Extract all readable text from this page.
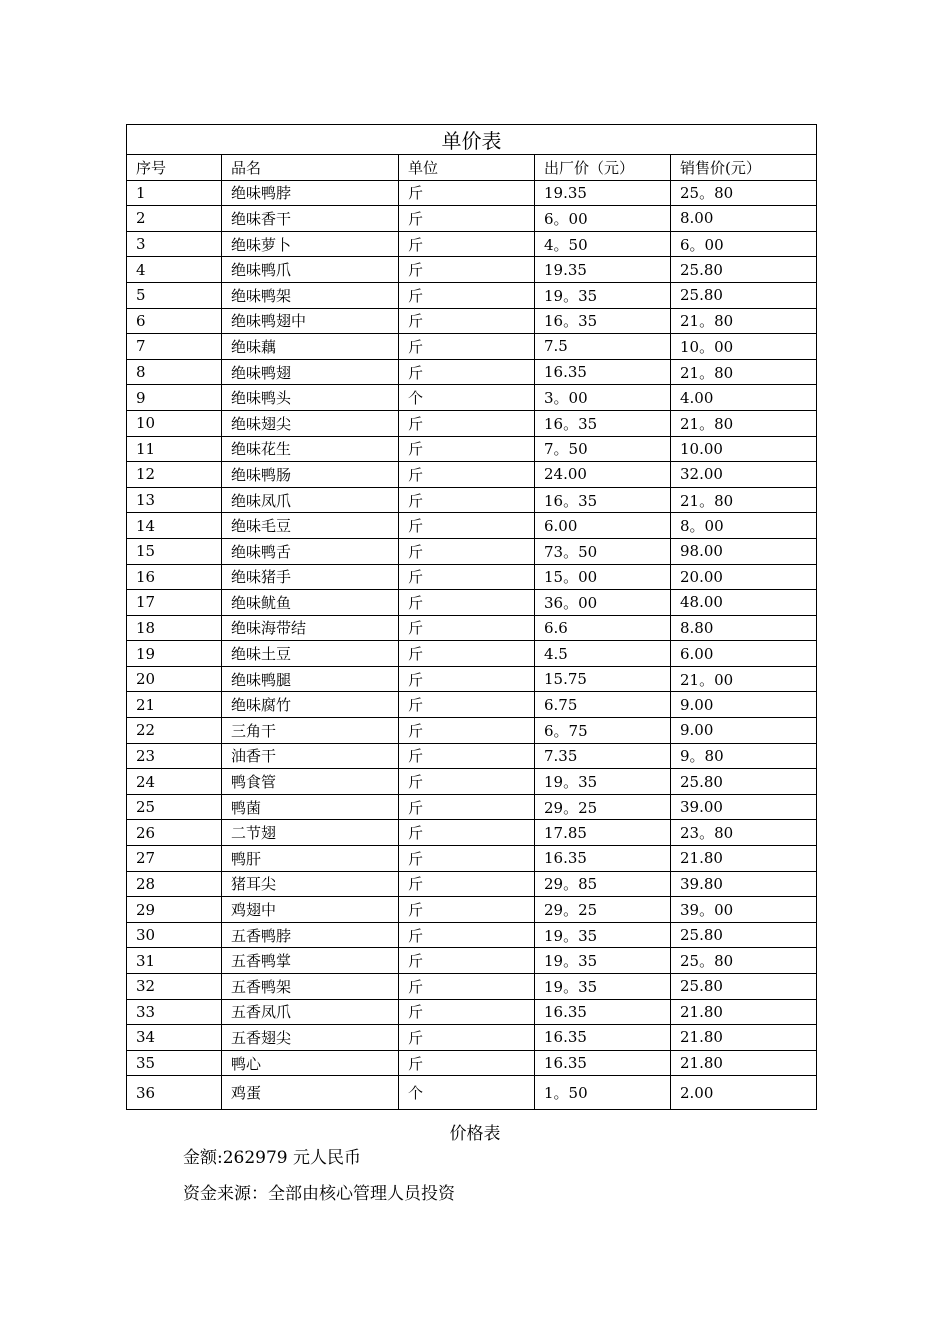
单价表				
序号	品名	单位	出厂价（元）	销售价(元）
1	绝味鸭脖	斤	19.35	25。80
2	绝味香干	斤	6。00	8.00
3	绝味萝卜	斤	4。50	6。00
4	绝味鸭爪	斤	19.35	25.80
5	绝味鸭架	斤	19。35	25.80
6	绝味鸭翅中	斤	16。35	21。80
7	绝味藕	斤	7.5	10。00
8	绝味鸭翅	斤	16.35	21。80
9	绝味鸭头	个	3。00	4.00
10	绝味翅尖	斤	16。35	21。80
11	绝味花生	斤	7。50	10.00
12	绝味鸭肠	斤	24.00	32.00
13	绝味凤爪	斤	16。35	21。80
14	绝味毛豆	斤	6.00	8。00
15	绝味鸭舌	斤	73。50	98.00
16	绝味猪手	斤	15。00	20.00
17	绝味鱿鱼	斤	36。00	48.00
18	绝味海带结	斤	6.6	8.80
19	绝味土豆	斤	4.5	6.00
20	绝味鸭腿	斤	15.75	21。00
21	绝味腐竹	斤	6.75	9.00
22	三角干	斤	6。75	9.00
23	油香干	斤	7.35	9。80
24	鸭食管	斤	19。35	25.80
25	鸭菌	斤	29。25	39.00
26	二节翅	斤	17.85	23。80
27	鸭肝	斤	16.35	21.80
28	猪耳尖	斤	29。85	39.80
29	鸡翅中	斤	29。25	39。00
30	五香鸭脖	斤	19。35	25.80
31	五香鸭掌	斤	19。35	25。80
32	五香鸭架	斤	19。35	25.80
33	五香凤爪	斤	16.35	21.80
34	五香翅尖	斤	16.35	21.80
35	鸭心	斤	16.35	21.80
36	鸡蛋	个	1。50	2.00
价格表
金额:262979 元人民币
资金来源：全部由核心管理人员投资
